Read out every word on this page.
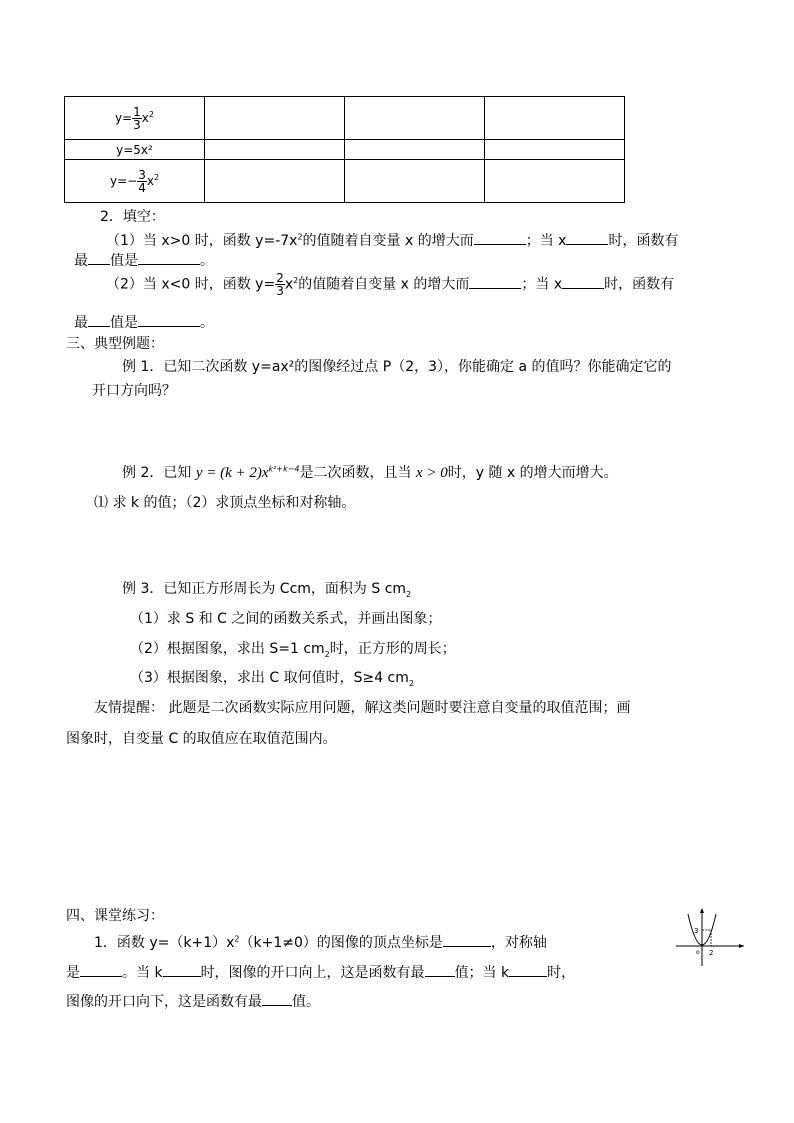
$y= \frac{1}{3} x^2$			
y=5x²			
$y=- \frac{3}{4} x^2$			
2．填空：
（1）当 x>0 时，函数 $y=-7x^2$的值随着自变量 x 的增大而	；当 x	时，函数有
最 值是	。
（2）当 x<0 时，函数 $y= \frac{2}{3} x^2$的值随着自变量 x 的增大而	；当 x	时，函数有
最 值是	。
三、典型例题：
例 1．已知二次函数 y=ax²的图像经过点 P（2，3），你能确定 a 的值吗？你能确定它的
开口方向吗？
例 2．已知 $y = (k + 2)x^{k^2+k-4}$是二次函数，且当 x > 0时，y 随 x 的增大而增大。
⑴ 求 k 的值；（2）求顶点坐标和对称轴。
例 3．已知正方形周长为 Ccm，面积为 S $cm_2$
（1）求 S 和 C 之间的函数关系式，并画出图象；
（2）根据图象，求出 S=1 $cm_2$时，正方形的周长；
（3）根据图象，求出 C 取何值时，S≥4 $cm_2$
友情提醒： 此题是二次函数实际应用问题，解这类问题时要注意自变量的取值范围；画
图象时，自变量 C 的取值应在取值范围内。
四、课堂练习：
1．函数 $y=(k+1)x^2(k+1\ne 0)$的图像的顶点坐标是	，对称轴
是	。当 k	时，图像的开口向上，这是函数有最 值；当 k	时，
图像的开口向下，这是函数有最 值。
3
o 2
